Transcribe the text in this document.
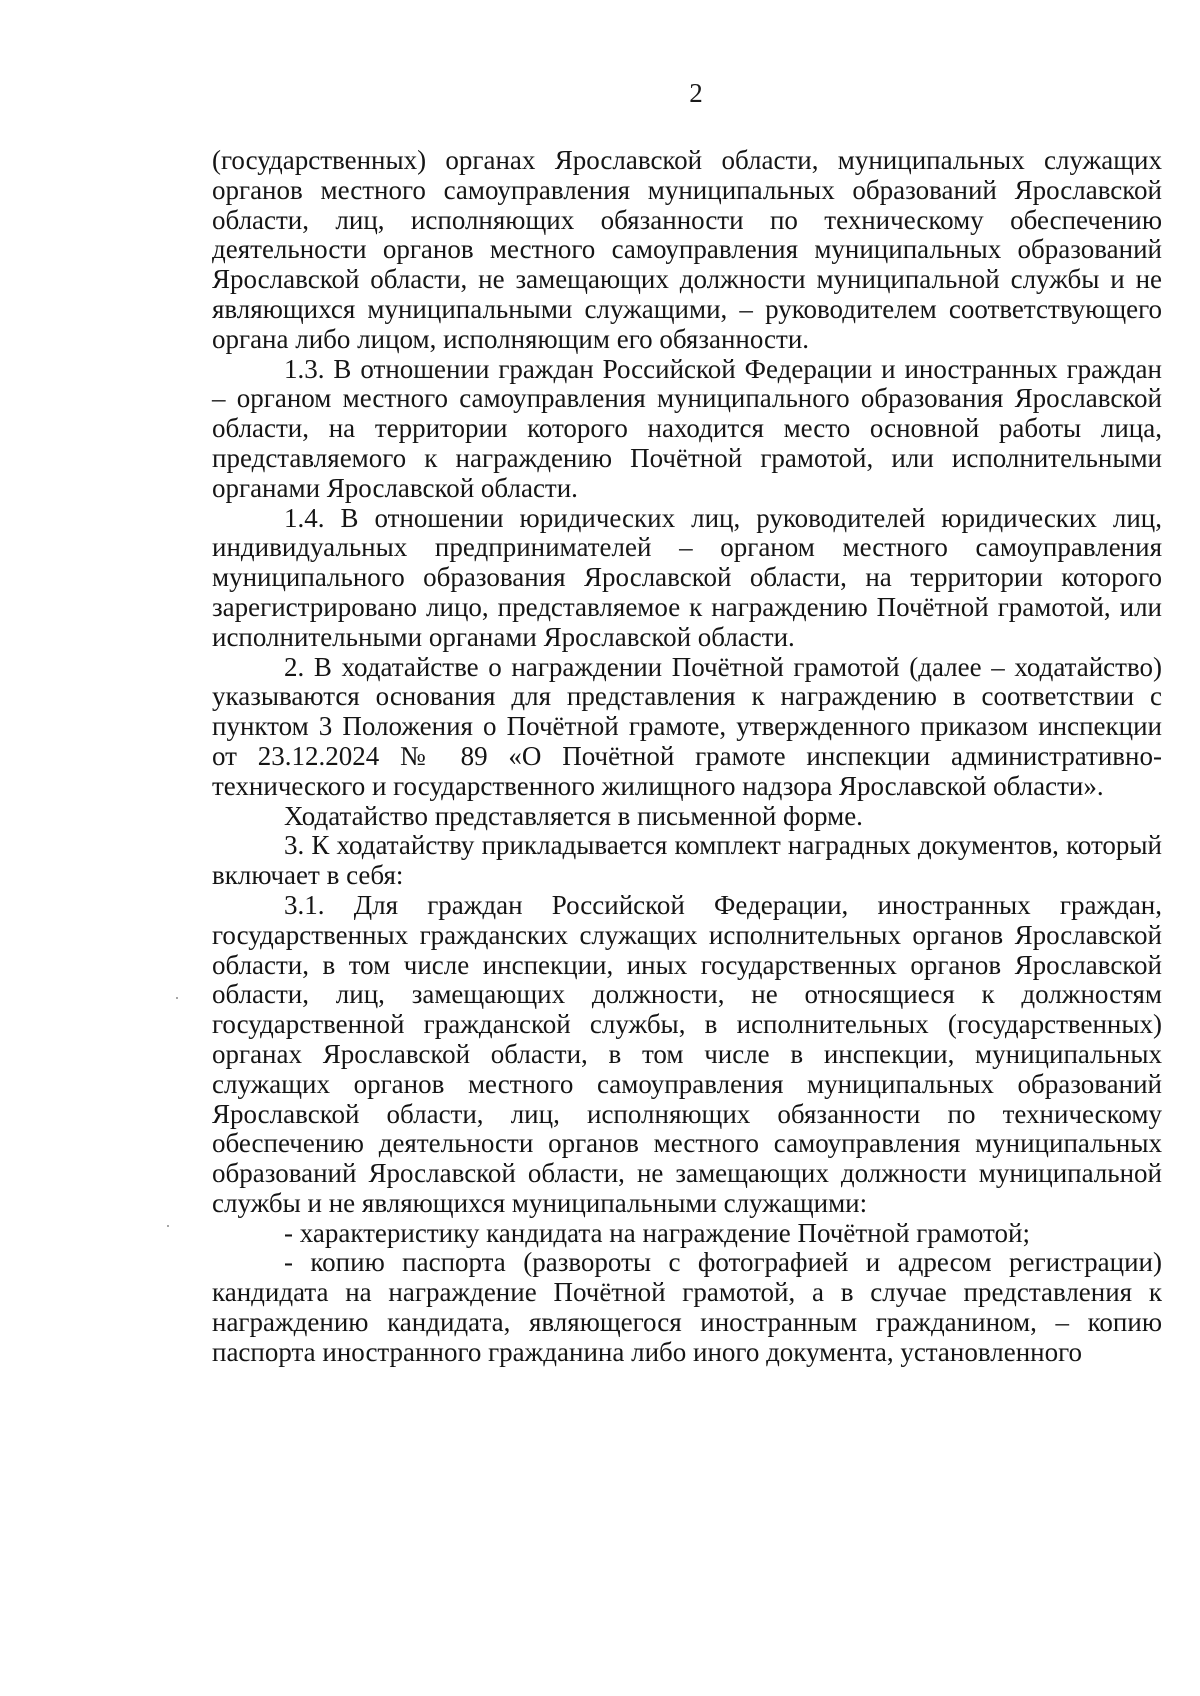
2

(государственных) органах Ярославской области, муниципальных служащих органов местного самоуправления муниципальных образований Ярославской области, лиц, исполняющих обязанности по техническому обеспечению деятельности органов местного самоуправления муниципальных образований Ярославской области, не замещающих должности муниципальной службы и не являющихся муниципальными служащими, – руководителем соответствующего органа либо лицом, исполняющим его обязанности.

1.3. В отношении граждан Российской Федерации и иностранных граждан – органом местного самоуправления муниципального образования Ярославской области, на территории которого находится место основной работы лица, представляемого к награждению Почётной грамотой, или исполнительными органами Ярославской области.

1.4. В отношении юридических лиц, руководителей юридических лиц, индивидуальных предпринимателей – органом местного самоуправления муниципального образования Ярославской области, на территории которого зарегистрировано лицо, представляемое к награждению Почётной грамотой, или исполнительными органами Ярославской области.

2. В ходатайстве о награждении Почётной грамотой (далее – ходатайство) указываются основания для представления к награждению в соответствии с пунктом 3 Положения о Почётной грамоте, утвержденного приказом инспекции от 23.12.2024 № 89 «О Почётной грамоте инспекции административно-технического и государственного жилищного надзора Ярославской области».

Ходатайство представляется в письменной форме.

3. К ходатайству прикладывается комплект наградных документов, который включает в себя:

3.1. Для граждан Российской Федерации, иностранных граждан, государственных гражданских служащих исполнительных органов Ярославской области, в том числе инспекции, иных государственных органов Ярославской области, лиц, замещающих должности, не относящиеся к должностям государственной гражданской службы, в исполнительных (государственных) органах Ярославской области, в том числе в инспекции, муниципальных служащих органов местного самоуправления муниципальных образований Ярославской области, лиц, исполняющих обязанности по техническому обеспечению деятельности органов местного самоуправления муниципальных образований Ярославской области, не замещающих должности муниципальной службы и не являющихся муниципальными служащими:

- характеристику кандидата на награждение Почётной грамотой;

- копию паспорта (развороты с фотографией и адресом регистрации) кандидата на награждение Почётной грамотой, а в случае представления к награждению кандидата, являющегося иностранным гражданином, – копию паспорта иностранного гражданина либо иного документа, установленного
